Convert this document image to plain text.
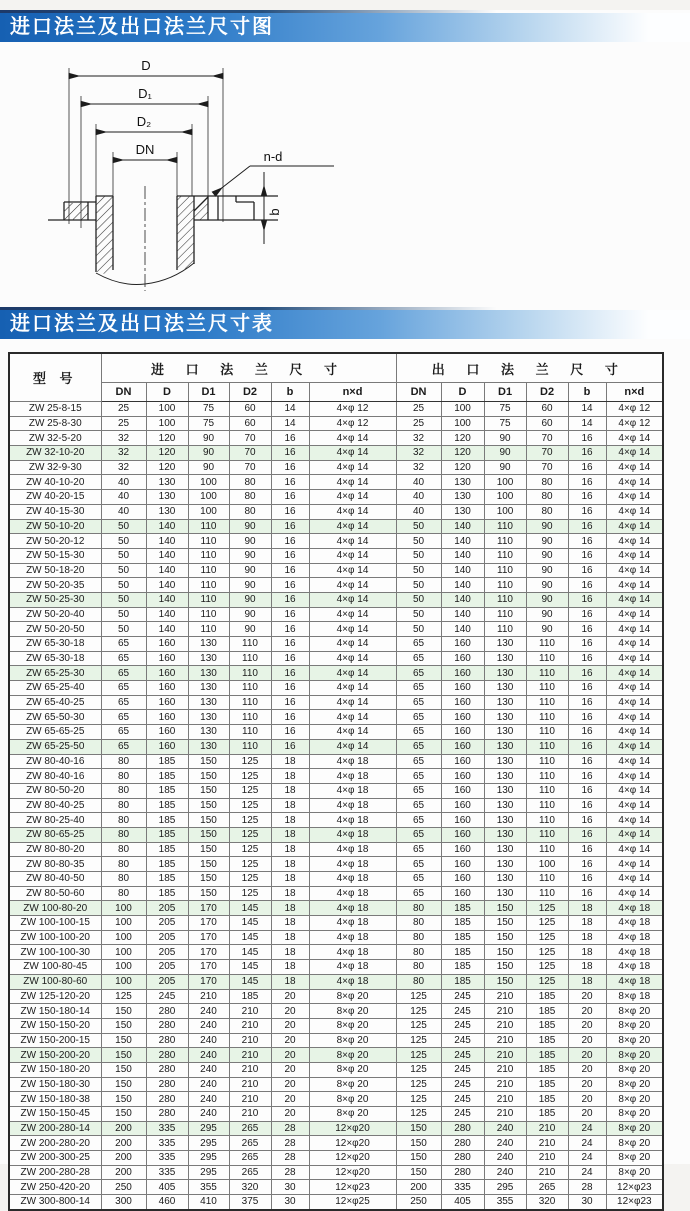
进口法兰及出口法兰尺寸图
D
D₁
D₂
DN	n-d
b
进口法兰及出口法兰尺寸表
型 号	进 口 法 兰 尺 寸						出 口 法 兰 尺 寸					
	DN	D	D1	D2	b	n×d	DN	D	D1	D2	b	n×d
ZW 25-8-15	25	100	75	60	14	4×φ 12	25	100	75	60	14	4×φ 12
ZW 25-8-30	25	100	75	60	14	4×φ 12	25	100	75	60	14	4×φ 12
ZW 32-5-20	32	120	90	70	16	4×φ 14	32	120	90	70	16	4×φ 14
ZW 32-10-20	32	120	90	70	16	4×φ 14	32	120	90	70	16	4×φ 14
ZW 32-9-30	32	120	90	70	16	4×φ 14	32	120	90	70	16	4×φ 14
ZW 40-10-20	40	130	100	80	16	4×φ 14	40	130	100	80	16	4×φ 14
ZW 40-20-15	40	130	100	80	16	4×φ 14	40	130	100	80	16	4×φ 14
ZW 40-15-30	40	130	100	80	16	4×φ 14	40	130	100	80	16	4×φ 14
ZW 50-10-20	50	140	110	90	16	4×φ 14	50	140	110	90	16	4×φ 14
ZW 50-20-12	50	140	110	90	16	4×φ 14	50	140	110	90	16	4×φ 14
ZW 50-15-30	50	140	110	90	16	4×φ 14	50	140	110	90	16	4×φ 14
ZW 50-18-20	50	140	110	90	16	4×φ 14	50	140	110	90	16	4×φ 14
ZW 50-20-35	50	140	110	90	16	4×φ 14	50	140	110	90	16	4×φ 14
ZW 50-25-30	50	140	110	90	16	4×φ 14	50	140	110	90	16	4×φ 14
ZW 50-20-40	50	140	110	90	16	4×φ 14	50	140	110	90	16	4×φ 14
ZW 50-20-50	50	140	110	90	16	4×φ 14	50	140	110	90	16	4×φ 14
ZW 65-30-18	65	160	130	110	16	4×φ 14	65	160	130	110	16	4×φ 14
ZW 65-30-18	65	160	130	110	16	4×φ 14	65	160	130	110	16	4×φ 14
ZW 65-25-30	65	160	130	110	16	4×φ 14	65	160	130	110	16	4×φ 14
ZW 65-25-40	65	160	130	110	16	4×φ 14	65	160	130	110	16	4×φ 14
ZW 65-40-25	65	160	130	110	16	4×φ 14	65	160	130	110	16	4×φ 14
ZW 65-50-30	65	160	130	110	16	4×φ 14	65	160	130	110	16	4×φ 14
ZW 65-65-25	65	160	130	110	16	4×φ 14	65	160	130	110	16	4×φ 14
ZW 65-25-50	65	160	130	110	16	4×φ 14	65	160	130	110	16	4×φ 14
ZW 80-40-16	80	185	150	125	18	4×φ 18	65	160	130	110	16	4×φ 14
ZW 80-40-16	80	185	150	125	18	4×φ 18	65	160	130	110	16	4×φ 14
ZW 80-50-20	80	185	150	125	18	4×φ 18	65	160	130	110	16	4×φ 14
ZW 80-40-25	80	185	150	125	18	4×φ 18	65	160	130	110	16	4×φ 14
ZW 80-25-40	80	185	150	125	18	4×φ 18	65	160	130	110	16	4×φ 14
ZW 80-65-25	80	185	150	125	18	4×φ 18	65	160	130	110	16	4×φ 14
ZW 80-80-20	80	185	150	125	18	4×φ 18	65	160	130	110	16	4×φ 14
ZW 80-80-35	80	185	150	125	18	4×φ 18	65	160	130	100	16	4×φ 14
ZW 80-40-50	80	185	150	125	18	4×φ 18	65	160	130	110	16	4×φ 14
ZW 80-50-60	80	185	150	125	18	4×φ 18	65	160	130	110	16	4×φ 14
ZW 100-80-20	100	205	170	145	18	4×φ 18	80	185	150	125	18	4×φ 18
ZW 100-100-15	100	205	170	145	18	4×φ 18	80	185	150	125	18	4×φ 18
ZW 100-100-20	100	205	170	145	18	4×φ 18	80	185	150	125	18	4×φ 18
ZW 100-100-30	100	205	170	145	18	4×φ 18	80	185	150	125	18	4×φ 18
ZW 100-80-45	100	205	170	145	18	4×φ 18	80	185	150	125	18	4×φ 18
ZW 100-80-60	100	205	170	145	18	4×φ 18	80	185	150	125	18	4×φ 18
ZW 125-120-20	125	245	210	185	20	8×φ 20	125	245	210	185	20	8×φ 18
ZW 150-180-14	150	280	240	210	20	8×φ 20	125	245	210	185	20	8×φ 20
ZW 150-150-20	150	280	240	210	20	8×φ 20	125	245	210	185	20	8×φ 20
ZW 150-200-15	150	280	240	210	20	8×φ 20	125	245	210	185	20	8×φ 20
ZW 150-200-20	150	280	240	210	20	8×φ 20	125	245	210	185	20	8×φ 20
ZW 150-180-20	150	280	240	210	20	8×φ 20	125	245	210	185	20	8×φ 20
ZW 150-180-30	150	280	240	210	20	8×φ 20	125	245	210	185	20	8×φ 20
ZW 150-180-38	150	280	240	210	20	8×φ 20	125	245	210	185	20	8×φ 20
ZW 150-150-45	150	280	240	210	20	8×φ 20	125	245	210	185	20	8×φ 20
ZW 200-280-14	200	335	295	265	28	12×φ20	150	280	240	210	24	8×φ 20
ZW 200-280-20	200	335	295	265	28	12×φ20	150	280	240	210	24	8×φ 20
ZW 200-300-25	200	335	295	265	28	12×φ20	150	280	240	210	24	8×φ 20
ZW 200-280-28	200	335	295	265	28	12×φ20	150	280	240	210	24	8×φ 20
ZW 250-420-20	250	405	355	320	30	12×φ23	200	335	295	265	28	12×φ23
ZW 300-800-14	300	460	410	375	30	12×φ25	250	405	355	320	30	12×φ23
